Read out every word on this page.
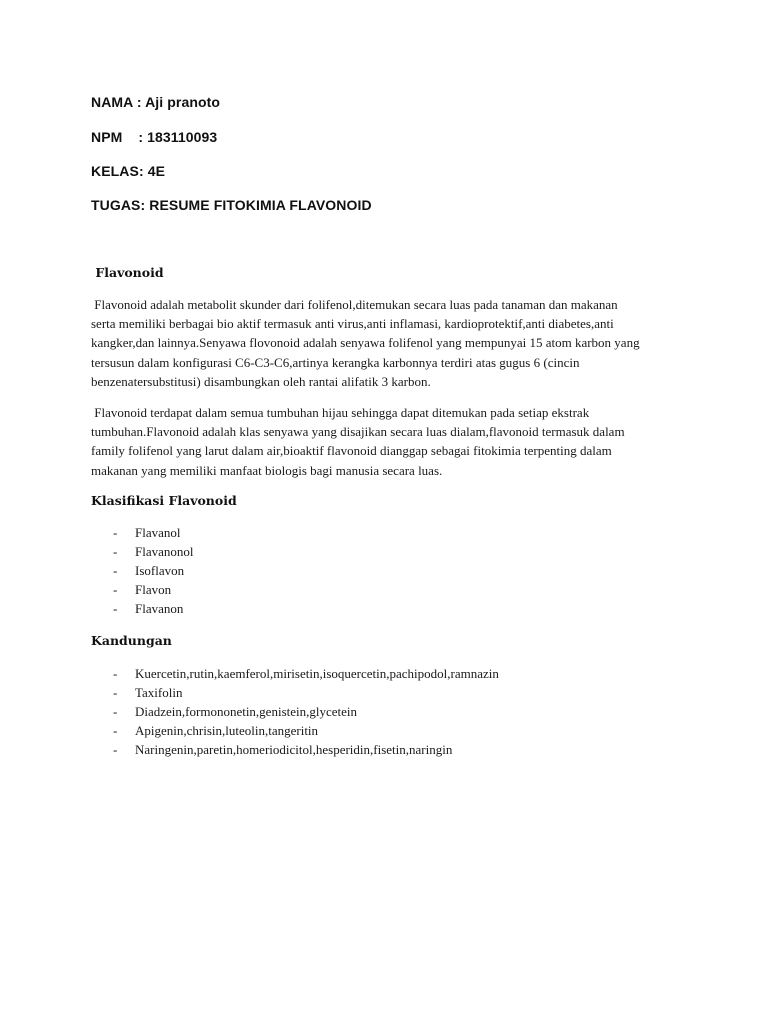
NAMA : Aji pranoto
NPM    : 183110093
KELAS: 4E
TUGAS: RESUME FITOKIMIA FLAVONOID
Flavonoid
Flavonoid adalah metabolit skunder dari folifenol,ditemukan secara luas pada tanaman dan makanan
serta memiliki berbagai bio aktif termasuk anti virus,anti inflamasi, kardioprotektif,anti diabetes,anti
kangker,dan lainnya.Senyawa flovonoid adalah senyawa folifenol yang mempunyai 15 atom karbon yang
tersusun dalam konfigurasi C6-C3-C6,artinya kerangka karbonnya terdiri atas gugus 6 (cincin
benzenatersubstitusi) disambungkan oleh rantai alifatik 3 karbon.
Flavonoid terdapat dalam semua tumbuhan hijau sehingga dapat ditemukan pada setiap ekstrak
tumbuhan.Flavonoid adalah klas senyawa yang disajikan secara luas dialam,flavonoid termasuk dalam
family folifenol yang larut dalam air,bioaktif flavonoid dianggap sebagai fitokimia terpenting dalam
makanan yang memiliki manfaat biologis bagi manusia secara luas.
Klasifikasi Flavonoid
- Flavanol
- Flavanonol
- Isoflavon
- Flavon
- Flavanon
Kandungan
- Kuercetin,rutin,kaemferol,mirisetin,isoquercetin,pachipodol,ramnazin
- Taxifolin
- Diadzein,formononetin,genistein,glycetein
- Apigenin,chrisin,luteolin,tangeritin
- Naringenin,paretin,homeriodicitol,hesperidin,fisetin,naringin
